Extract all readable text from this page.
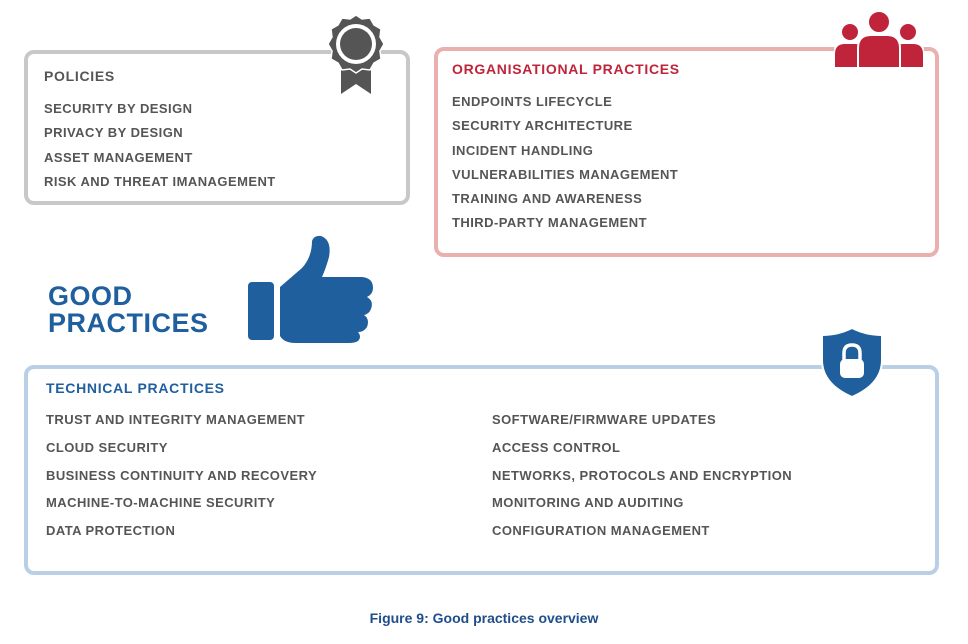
POLICIES
SECURITY BY DESIGN
PRIVACY BY DESIGN
ASSET MANAGEMENT
RISK AND THREAT IMANAGEMENT
ORGANISATIONAL PRACTICES
ENDPOINTS LIFECYCLE
SECURITY ARCHITECTURE
INCIDENT HANDLING
VULNERABILITIES MANAGEMENT
TRAINING AND AWARENESS
THIRD-PARTY MANAGEMENT
GOOD
PRACTICES
TECHNICAL PRACTICES
TRUST AND INTEGRITY MANAGEMENT
CLOUD SECURITY
BUSINESS CONTINUITY AND RECOVERY
MACHINE-TO-MACHINE SECURITY
DATA PROTECTION
SOFTWARE/FIRMWARE UPDATES
ACCESS CONTROL
NETWORKS, PROTOCOLS AND ENCRYPTION
MONITORING AND AUDITING
CONFIGURATION MANAGEMENT

Figure 9: Good practices overview
